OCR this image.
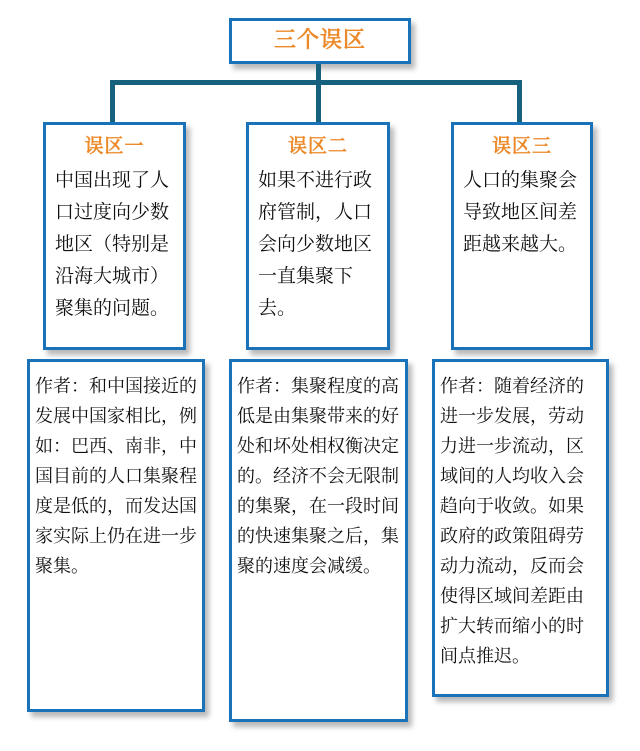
三个误区
误区一
中国出现了人口过度向少数地区（特别是沿海大城市）聚集的问题。
误区二
如果不进行政府管制，人口会向少数地区一直集聚下去。
误区三
人口的集聚会导致地区间差距越来越大。
作者：和中国接近的发展中国家相比，例如：巴西、南非，中国目前的人口集聚程度是低的，而发达国家实际上仍在进一步聚集。
作者：集聚程度的高低是由集聚带来的好处和坏处相权衡决定的。经济不会无限制的集聚，在一段时间的快速集聚之后，集聚的速度会减缓。
作者：随着经济的进一步发展，劳动力进一步流动，区域间的人均收入会趋向于收敛。如果政府的政策阻碍劳动力流动，反而会使得区域间差距由扩大转而缩小的时间点推迟。
